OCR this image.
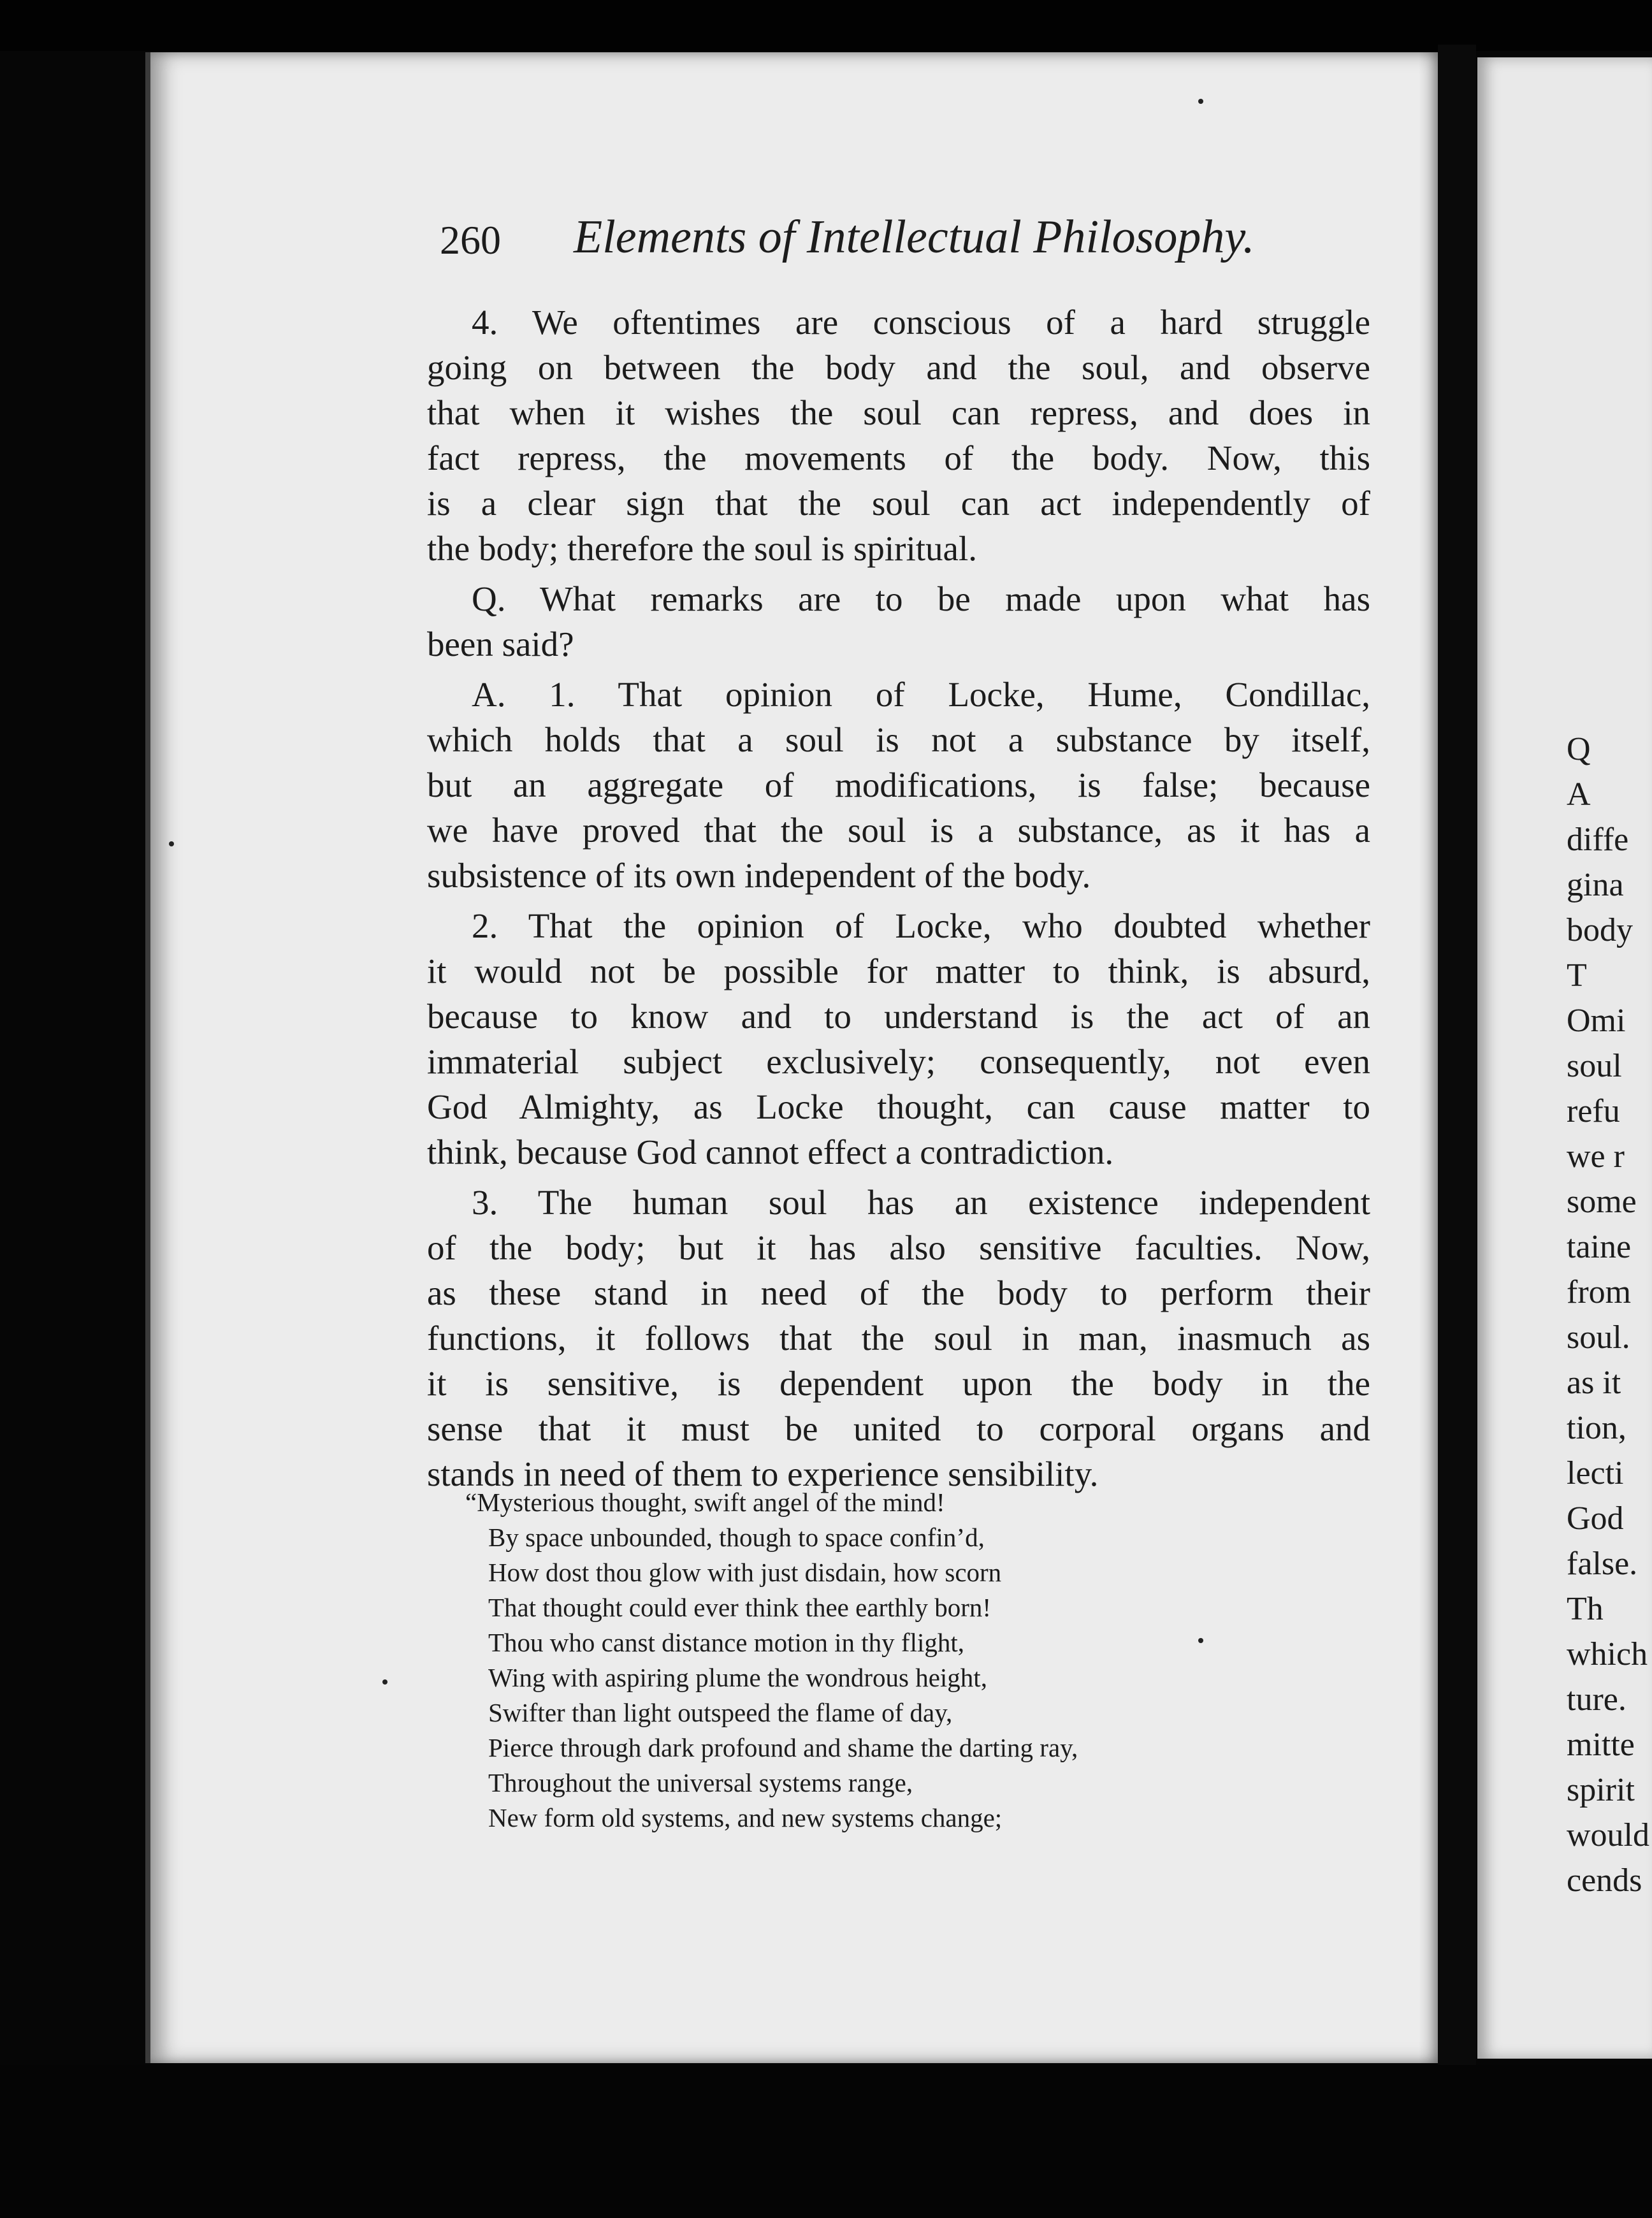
260 Elements of Intellectual Philosophy.

4. We oftentimes are conscious of a hard struggle
going on between the body and the soul, and observe
that when it wishes the soul can repress, and does in
fact repress, the movements of the body. Now, this
is a clear sign that the soul can act independently of
the body; therefore the soul is spiritual.

Q. What remarks are to be made upon what has
been said?

A. 1. That opinion of Locke, Hume, Condillac,
which holds that a soul is not a substance by itself,
but an aggregate of modifications, is false; because
we have proved that the soul is a substance, as it has a
subsistence of its own independent of the body.

2. That the opinion of Locke, who doubted whether
it would not be possible for matter to think, is absurd,
because to know and to understand is the act of an
immaterial subject exclusively; consequently, not even
God Almighty, as Locke thought, can cause matter to
think, because God cannot effect a contradiction.

3. The human soul has an existence independent
of the body; but it has also sensitive faculties. Now,
as these stand in need of the body to perform their
functions, it follows that the soul in man, inasmuch as
it is sensitive, is dependent upon the body in the
sense that it must be united to corporal organs and
stands in need of them to experience sensibility.

“Mysterious thought, swift angel of the mind!
By space unbounded, though to space confin’d,
How dost thou glow with just disdain, how scorn
That thought could ever think thee earthly born!
Thou who canst distance motion in thy flight,
Wing with aspiring plume the wondrous height,
Swifter than light outspeed the flame of day,
Pierce through dark profound and shame the darting ray,
Throughout the universal systems range,
New form old systems, and new systems change;
Q
A
diffe
gina
body
T
Omi
soul
refu
we r
some
taine
from
soul.
as it
tion,
lecti
God
false.
Th
which
ture.
mitte
spirit
would
cends
